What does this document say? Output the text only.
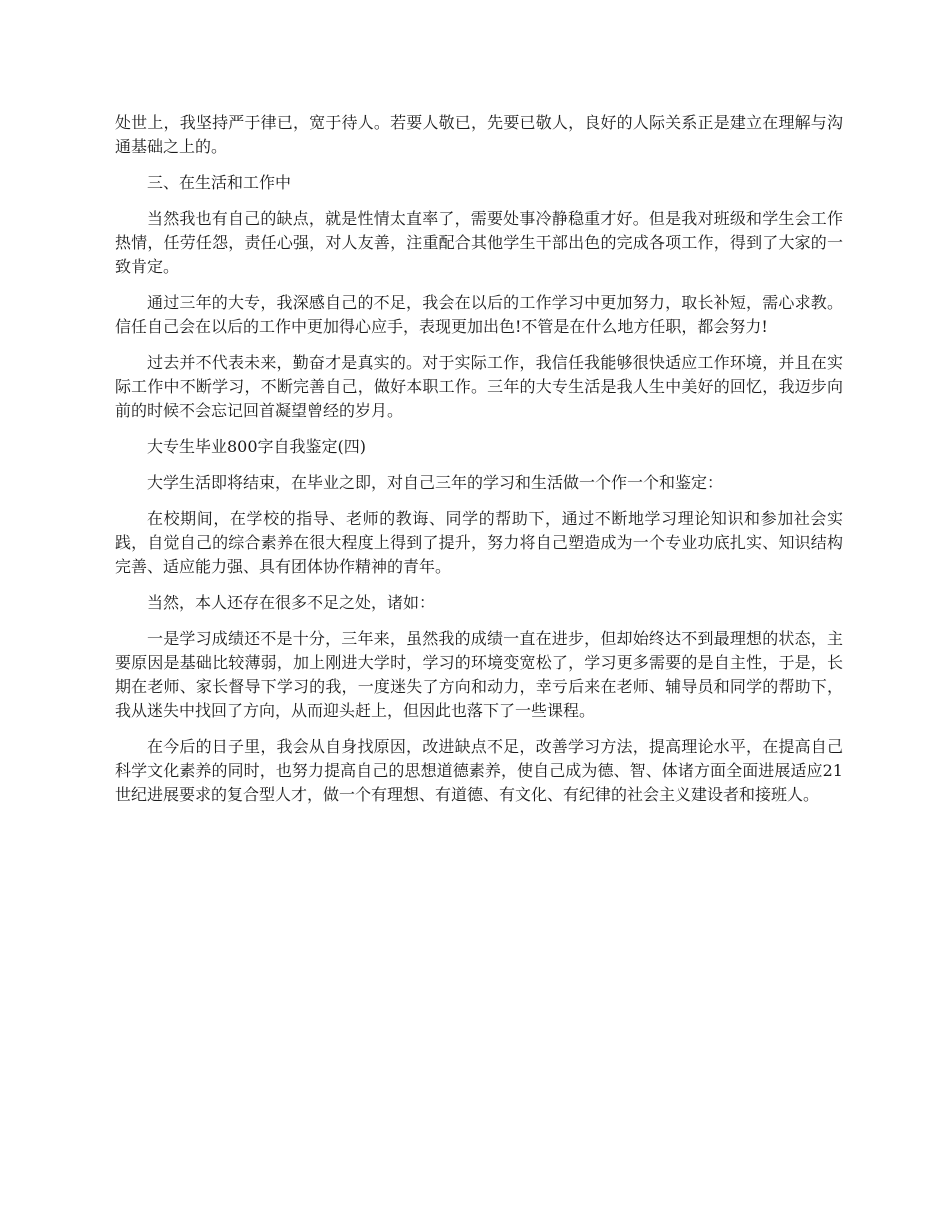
处世上，我坚持严于律已，宽于待人。若要人敬已，先要已敬人，良好的人际关系正是建立在理解与沟通基础之上的。

三、在生活和工作中

当然我也有自己的缺点，就是性情太直率了，需要处事冷静稳重才好。但是我对班级和学生会工作热情，任劳任怨，责任心强，对人友善，注重配合其他学生干部出色的完成各项工作，得到了大家的一致肯定。

通过三年的大专，我深感自己的不足，我会在以后的工作学习中更加努力，取长补短，需心求教。信任自己会在以后的工作中更加得心应手，表现更加出色!不管是在什么地方任职，都会努力!

过去并不代表未来，勤奋才是真实的。对于实际工作，我信任我能够很快适应工作环境，并且在实际工作中不断学习，不断完善自己，做好本职工作。三年的大专生活是我人生中美好的回忆，我迈步向前的时候不会忘记回首凝望曾经的岁月。

大专生毕业800字自我鉴定(四)

大学生活即将结束，在毕业之即，对自己三年的学习和生活做一个作一个和鉴定：

在校期间，在学校的指导、老师的教诲、同学的帮助下，通过不断地学习理论知识和参加社会实践，自觉自己的综合素养在很大程度上得到了提升，努力将自己塑造成为一个专业功底扎实、知识结构完善、适应能力强、具有团体协作精神的青年。

当然，本人还存在很多不足之处，诸如：

一是学习成绩还不是十分，三年来，虽然我的成绩一直在进步，但却始终达不到最理想的状态，主要原因是基础比较薄弱，加上刚进大学时，学习的环境变宽松了，学习更多需要的是自主性，于是，长期在老师、家长督导下学习的我，一度迷失了方向和动力，幸亏后来在老师、辅导员和同学的帮助下，我从迷失中找回了方向，从而迎头赶上，但因此也落下了一些课程。

在今后的日子里，我会从自身找原因，改进缺点不足，改善学习方法，提高理论水平，在提高自己科学文化素养的同时，也努力提高自己的思想道德素养，使自己成为德、智、体诸方面全面进展适应21世纪进展要求的复合型人才，做一个有理想、有道德、有文化、有纪律的社会主义建设者和接班人。
